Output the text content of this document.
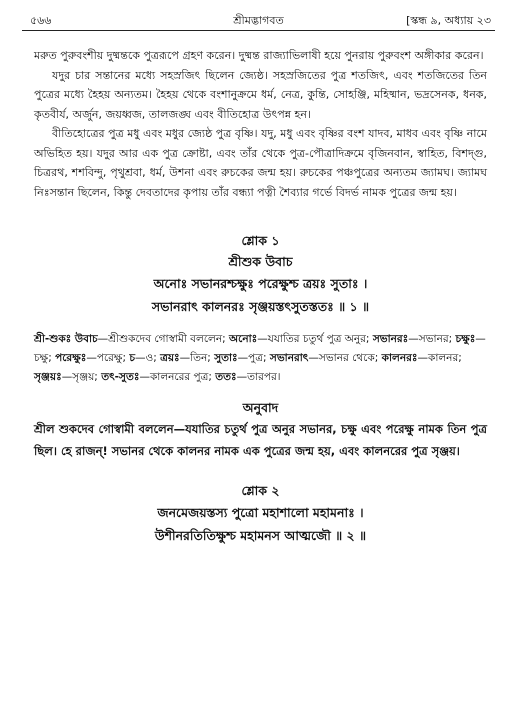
৫৬৬	শ্রীমদ্ভাগবত	[স্কন্ধ ৯, অধ্যায় ২৩

মরুত পুরুবংশীয় দুষ্মন্তকে পুত্ররূপে গ্রহণ করেন। দুষ্মন্ত রাজ্যাভিলাষী হয়ে পুনরায় পুরুবংশ অঙ্গীকার করেন।

যদুর চার সন্তানের মধ্যে সহস্রজিৎ ছিলেন জ্যেষ্ঠ। সহস্রজিতের পুত্র শতজিৎ, এবং শতজিতের তিন পুত্রের মধ্যে হৈহয় অন্যতম। হৈহয় থেকে বংশানুক্রমে ধর্ম, নেত্র, কুন্তি, সোহঞ্জি, মহিষ্মান, ভদ্রসেনক, ধনক, কৃতবীর্য, অর্জুন, জয়ধ্বজ, তালজঙ্ঘ এবং বীতিহোত্র উৎপন্ন হন।

বীতিহোত্রের পুত্র মধু এবং মধুর জ্যেষ্ঠ পুত্র বৃষ্ণি। যদু, মধু এবং বৃষ্ণির বংশ যাদব, মাধব এবং বৃষ্ণি নামে অভিহিত হয়। যদুর আর এক পুত্র ক্রোষ্টা, এবং তাঁর থেকে পুত্র-পৌত্রাদিক্রমে বৃজিনবান, স্বাহিত, বিশদ্গু, চিত্ররথ, শশবিন্দু, পৃথুশ্রবা, ধর্ম, উশনা এবং রুচকের জন্ম হয়। রুচকের পঞ্চপুত্রের অন্যতম জ্যামঘ। জ্যামঘ নিঃসন্তান ছিলেন, কিন্তু দেবতাদের কৃপায় তাঁর বন্ধ্যা পত্নী শৈব্যার গর্ভে বিদর্ভ নামক পুত্রের জন্ম হয়।

শ্লোক ১
শ্রীশুক উবাচ
অনোঃ সভানরশ্চক্ষুঃ পরেক্ষুশ্চ ত্রয়ঃ সুতাঃ ।
সভানরাৎ কালনরঃ সৃঞ্জয়স্তৎসুতস্ততঃ ॥ ১ ॥

শ্রী-শুকঃ উবাচ—শ্রীশুকদেব গোস্বামী বললেন; অনোঃ—যযাতির চতুর্থ পুত্র অনুর; সভানরঃ—সভানর; চক্ষুঃ—চক্ষু; পরেক্ষুঃ—পরেক্ষু; চ—ও; ত্রয়ঃ—তিন; সুতাঃ—পুত্র; সভানরাৎ—সভানর থেকে; কালনরঃ—কালনর; সৃঞ্জয়ঃ—সৃঞ্জয়; তৎ-সুতঃ—কালনরের পুত্র; ততঃ—তারপর।

অনুবাদ

শ্রীল শুকদেব গোস্বামী বললেন—যযাতির চতুর্থ পুত্র অনুর সভানর, চক্ষু এবং পরেক্ষু নামক তিন পুত্র ছিল। হে রাজন্! সভানর থেকে কালনর নামক এক পুত্রের জন্ম হয়, এবং কালনরের পুত্র সৃঞ্জয়।

শ্লোক ২
জনমেজয়স্তস্য পুত্রো মহাশালো মহামনাঃ ।
উশীনরতিতিক্ষুশ্চ মহামনস আত্মজৌ ॥ ২ ॥
